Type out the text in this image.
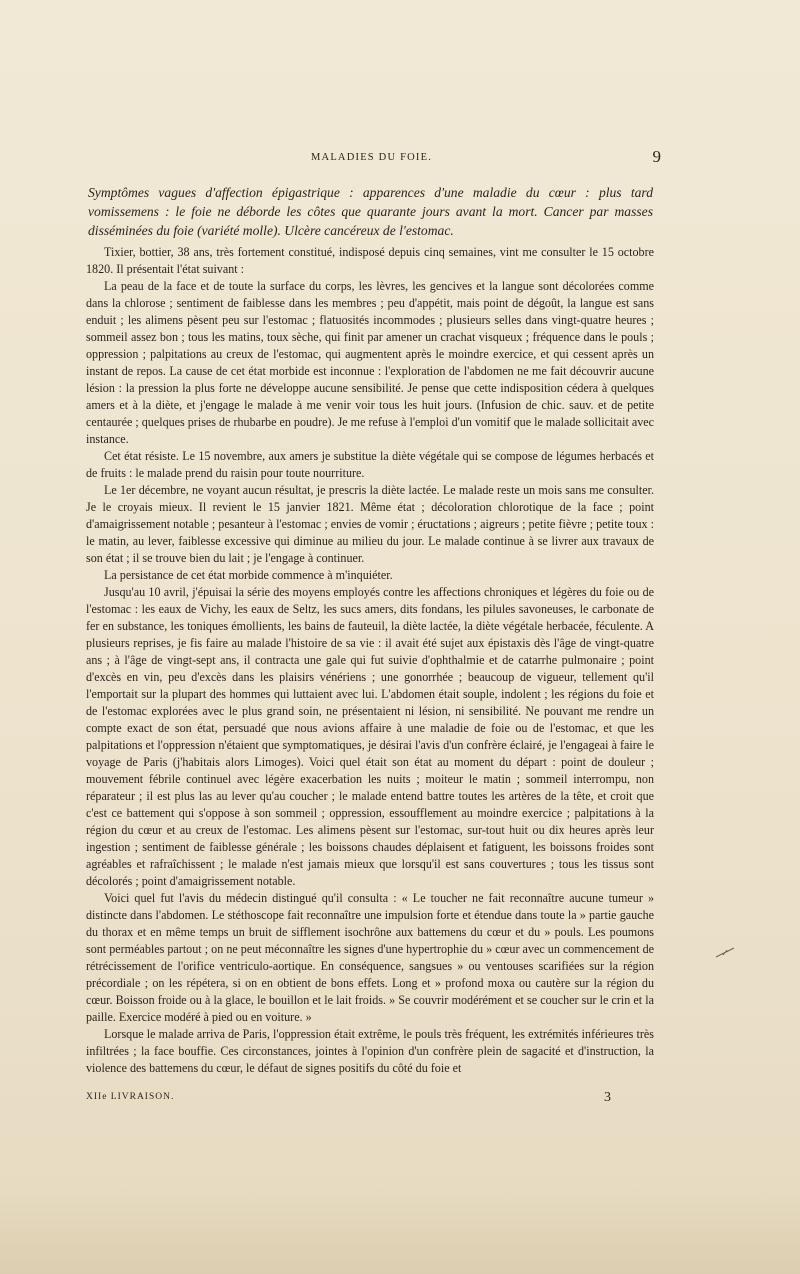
MALADIES DU FOIE.	9
Symptômes vagues d'affection épigastrique : apparences d'une maladie du cœur : plus tard vomissemens : le foie ne déborde les côtes que quarante jours avant la mort. Cancer par masses disséminées du foie (variété molle). Ulcère cancéreux de l'estomac.

Tixier, bottier, 38 ans, très fortement constitué, indisposé depuis cinq semaines, vint me consulter le 15 octobre 1820. Il présentait l'état suivant :

La peau de la face et de toute la surface du corps, les lèvres, les gencives et la langue sont décolorées comme dans la chlorose ; sentiment de faiblesse dans les membres ; peu d'appétit, mais point de dégoût, la langue est sans enduit ; les alimens pèsent peu sur l'estomac ; flatuosités incommodes ; plusieurs selles dans vingt-quatre heures ; sommeil assez bon ; tous les matins, toux sèche, qui finit par amener un crachat visqueux ; fréquence dans le pouls ; oppression ; palpitations au creux de l'estomac, qui augmentent après le moindre exercice, et qui cessent après un instant de repos. La cause de cet état morbide est inconnue : l'exploration de l'abdomen ne me fait découvrir aucune lésion : la pression la plus forte ne développe aucune sensibilité. Je pense que cette indisposition cédera à quelques amers et à la diète, et j'engage le malade à me venir voir tous les huit jours. (Infusion de chic. sauv. et de petite centaurée ; quelques prises de rhubarbe en poudre). Je me refuse à l'emploi d'un vomitif que le malade sollicitait avec instance.

Cet état résiste. Le 15 novembre, aux amers je substitue la diète végétale qui se compose de légumes herbacés et de fruits : le malade prend du raisin pour toute nourriture.

Le 1er décembre, ne voyant aucun résultat, je prescris la diète lactée. Le malade reste un mois sans me consulter. Je le croyais mieux. Il revient le 15 janvier 1821. Même état ; décoloration chlorotique de la face ; point d'amaigrissement notable ; pesanteur à l'estomac ; envies de vomir ; éructations ; aigreurs ; petite fièvre ; petite toux : le matin, au lever, faiblesse excessive qui diminue au milieu du jour. Le malade continue à se livrer aux travaux de son état ; il se trouve bien du lait ; je l'engage à continuer.

La persistance de cet état morbide commence à m'inquiéter.

Jusqu'au 10 avril, j'épuisai la série des moyens employés contre les affections chroniques et légères du foie ou de l'estomac : les eaux de Vichy, les eaux de Seltz, les sucs amers, dits fondans, les pilules savoneuses, le carbonate de fer en substance, les toniques émollients, les bains de fauteuil, la diète lactée, la diète végétale herbacée, féculente. A plusieurs reprises, je fis faire au malade l'histoire de sa vie : il avait été sujet aux épistaxis dès l'âge de vingt-quatre ans ; à l'âge de vingt-sept ans, il contracta une gale qui fut suivie d'ophthalmie et de catarrhe pulmonaire ; point d'excès en vin, peu d'excès dans les plaisirs vénériens ; une gonorrhée ; beaucoup de vigueur, tellement qu'il l'emportait sur la plupart des hommes qui luttaient avec lui. L'abdomen était souple, indolent ; les régions du foie et de l'estomac explorées avec le plus grand soin, ne présentaient ni lésion, ni sensibilité. Ne pouvant me rendre un compte exact de son état, persuadé que nous avions affaire à une maladie de foie ou de l'estomac, et que les palpitations et l'oppression n'étaient que symptomatiques, je désirai l'avis d'un confrère éclairé, je l'engageai à faire le voyage de Paris (j'habitais alors Limoges). Voici quel était son état au moment du départ : point de douleur ; mouvement fébrile continuel avec légère exacerbation les nuits ; moiteur le matin ; sommeil interrompu, non réparateur ; il est plus las au lever qu'au coucher ; le malade entend battre toutes les artères de la tête, et croit que c'est ce battement qui s'oppose à son sommeil ; oppression, essoufflement au moindre exercice ; palpitations à la région du cœur et au creux de l'estomac. Les alimens pèsent sur l'estomac, sur-tout huit ou dix heures après leur ingestion ; sentiment de faiblesse générale ; les boissons chaudes déplaisent et fatiguent, les boissons froides sont agréables et rafraîchissent ; le malade n'est jamais mieux que lorsqu'il est sans couvertures ; tous les tissus sont décolorés ; point d'amaigrissement notable.

Voici quel fut l'avis du médecin distingué qu'il consulta : « Le toucher ne fait reconnaître aucune tumeur » distincte dans l'abdomen. Le stéthoscope fait reconnaître une impulsion forte et étendue dans toute la » partie gauche du thorax et en même temps un bruit de sifflement isochrône aux battemens du cœur et du » pouls. Les poumons sont perméables partout ; on ne peut méconnaître les signes d'une hypertrophie du » cœur avec un commencement de rétrécissement de l'orifice ventriculo-aortique. En conséquence, sangsues » ou ventouses scarifiées sur la région précordiale ; on les répétera, si on en obtient de bons effets. Long et » profond moxa ou cautère sur la région du cœur. Boisson froide ou à la glace, le bouillon et le lait froids. » Se couvrir modérément et se coucher sur le crin et la paille. Exercice modéré à pied ou en voiture. »

Lorsque le malade arriva de Paris, l'oppression était extrême, le pouls très fréquent, les extrémités inférieures très infiltrées ; la face bouffie. Ces circonstances, jointes à l'opinion d'un confrère plein de sagacité et d'instruction, la violence des battemens du cœur, le défaut de signes positifs du côté du foie et

XIIe LIVRAISON.	3
